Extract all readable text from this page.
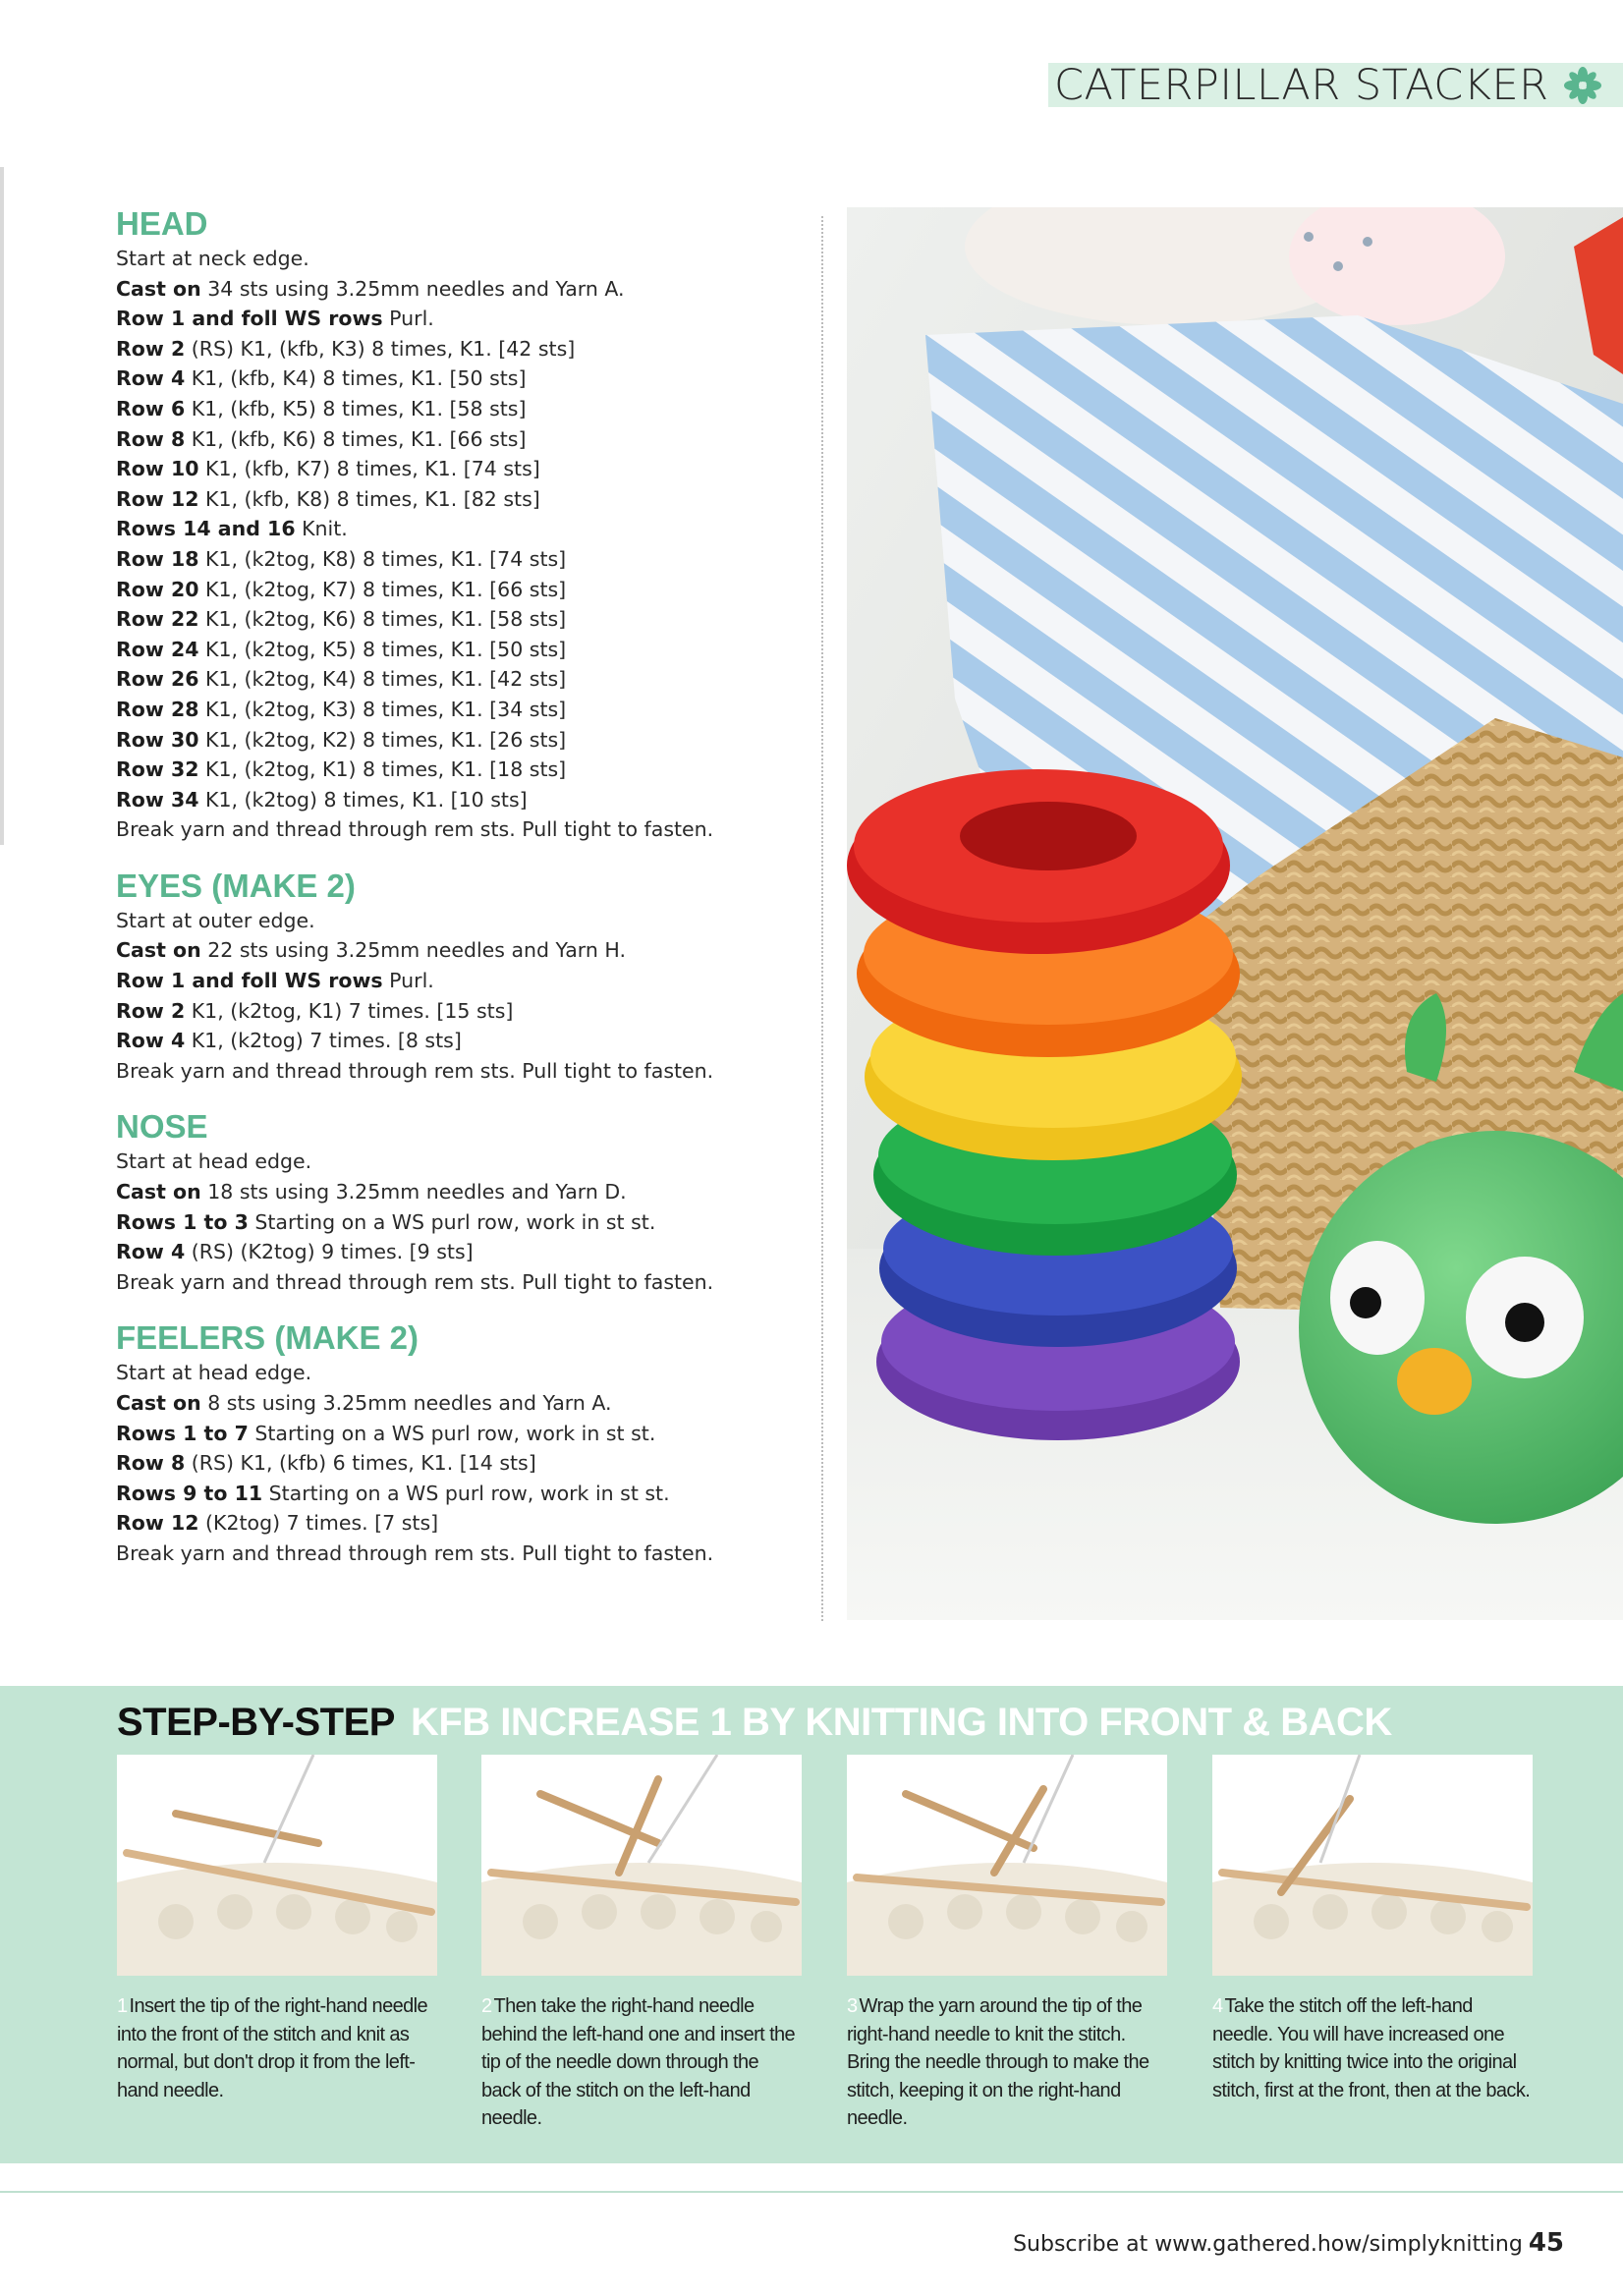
CATERPILLAR STACKER
HEAD
Start at neck edge.
Cast on 34 sts using 3.25mm needles and Yarn A.
Row 1 and foll WS rows Purl.
Row 2 (RS) K1, (kfb, K3) 8 times, K1. [42 sts]
Row 4 K1, (kfb, K4) 8 times, K1. [50 sts]
Row 6 K1, (kfb, K5) 8 times, K1. [58 sts]
Row 8 K1, (kfb, K6) 8 times, K1. [66 sts]
Row 10 K1, (kfb, K7) 8 times, K1. [74 sts]
Row 12 K1, (kfb, K8) 8 times, K1. [82 sts]
Rows 14 and 16 Knit.
Row 18 K1, (k2tog, K8) 8 times, K1. [74 sts]
Row 20 K1, (k2tog, K7) 8 times, K1. [66 sts]
Row 22 K1, (k2tog, K6) 8 times, K1. [58 sts]
Row 24 K1, (k2tog, K5) 8 times, K1. [50 sts]
Row 26 K1, (k2tog, K4) 8 times, K1. [42 sts]
Row 28 K1, (k2tog, K3) 8 times, K1. [34 sts]
Row 30 K1, (k2tog, K2) 8 times, K1. [26 sts]
Row 32 K1, (k2tog, K1) 8 times, K1. [18 sts]
Row 34 K1, (k2tog) 8 times, K1. [10 sts]
Break yarn and thread through rem sts. Pull tight to fasten.
EYES (MAKE 2)
Start at outer edge.
Cast on 22 sts using 3.25mm needles and Yarn H.
Row 1 and foll WS rows Purl.
Row 2 K1, (k2tog, K1) 7 times. [15 sts]
Row 4 K1, (k2tog) 7 times. [8 sts]
Break yarn and thread through rem sts. Pull tight to fasten.
NOSE
Start at head edge.
Cast on 18 sts using 3.25mm needles and Yarn D.
Rows 1 to 3 Starting on a WS purl row, work in st st.
Row 4 (RS) (K2tog) 9 times. [9 sts]
Break yarn and thread through rem sts. Pull tight to fasten.
FEELERS (MAKE 2)
Start at head edge.
Cast on 8 sts using 3.25mm needles and Yarn A.
Rows 1 to 7 Starting on a WS purl row, work in st st.
Row 8 (RS) K1, (kfb) 6 times, K1. [14 sts]
Rows 9 to 11 Starting on a WS purl row, work in st st.
Row 12 (K2tog) 7 times. [7 sts]
Break yarn and thread through rem sts. Pull tight to fasten.
STEP-BY-STEP KFB INCREASE 1 BY KNITTING INTO FRONT & BACK
1 Insert the tip of the right-hand needle into the front of the stitch and knit as normal, but don't drop it from the left-hand needle.
2 Then take the right-hand needle behind the left-hand one and insert the tip of the needle down through the back of the stitch on the left-hand needle.
3 Wrap the yarn around the tip of the right-hand needle to knit the stitch. Bring the needle through to make the stitch, keeping it on the right-hand needle.
4 Take the stitch off the left-hand needle. You will have increased one stitch by knitting twice into the original stitch, first at the front, then at the back.
Subscribe at www.gathered.how/simplyknitting 45
